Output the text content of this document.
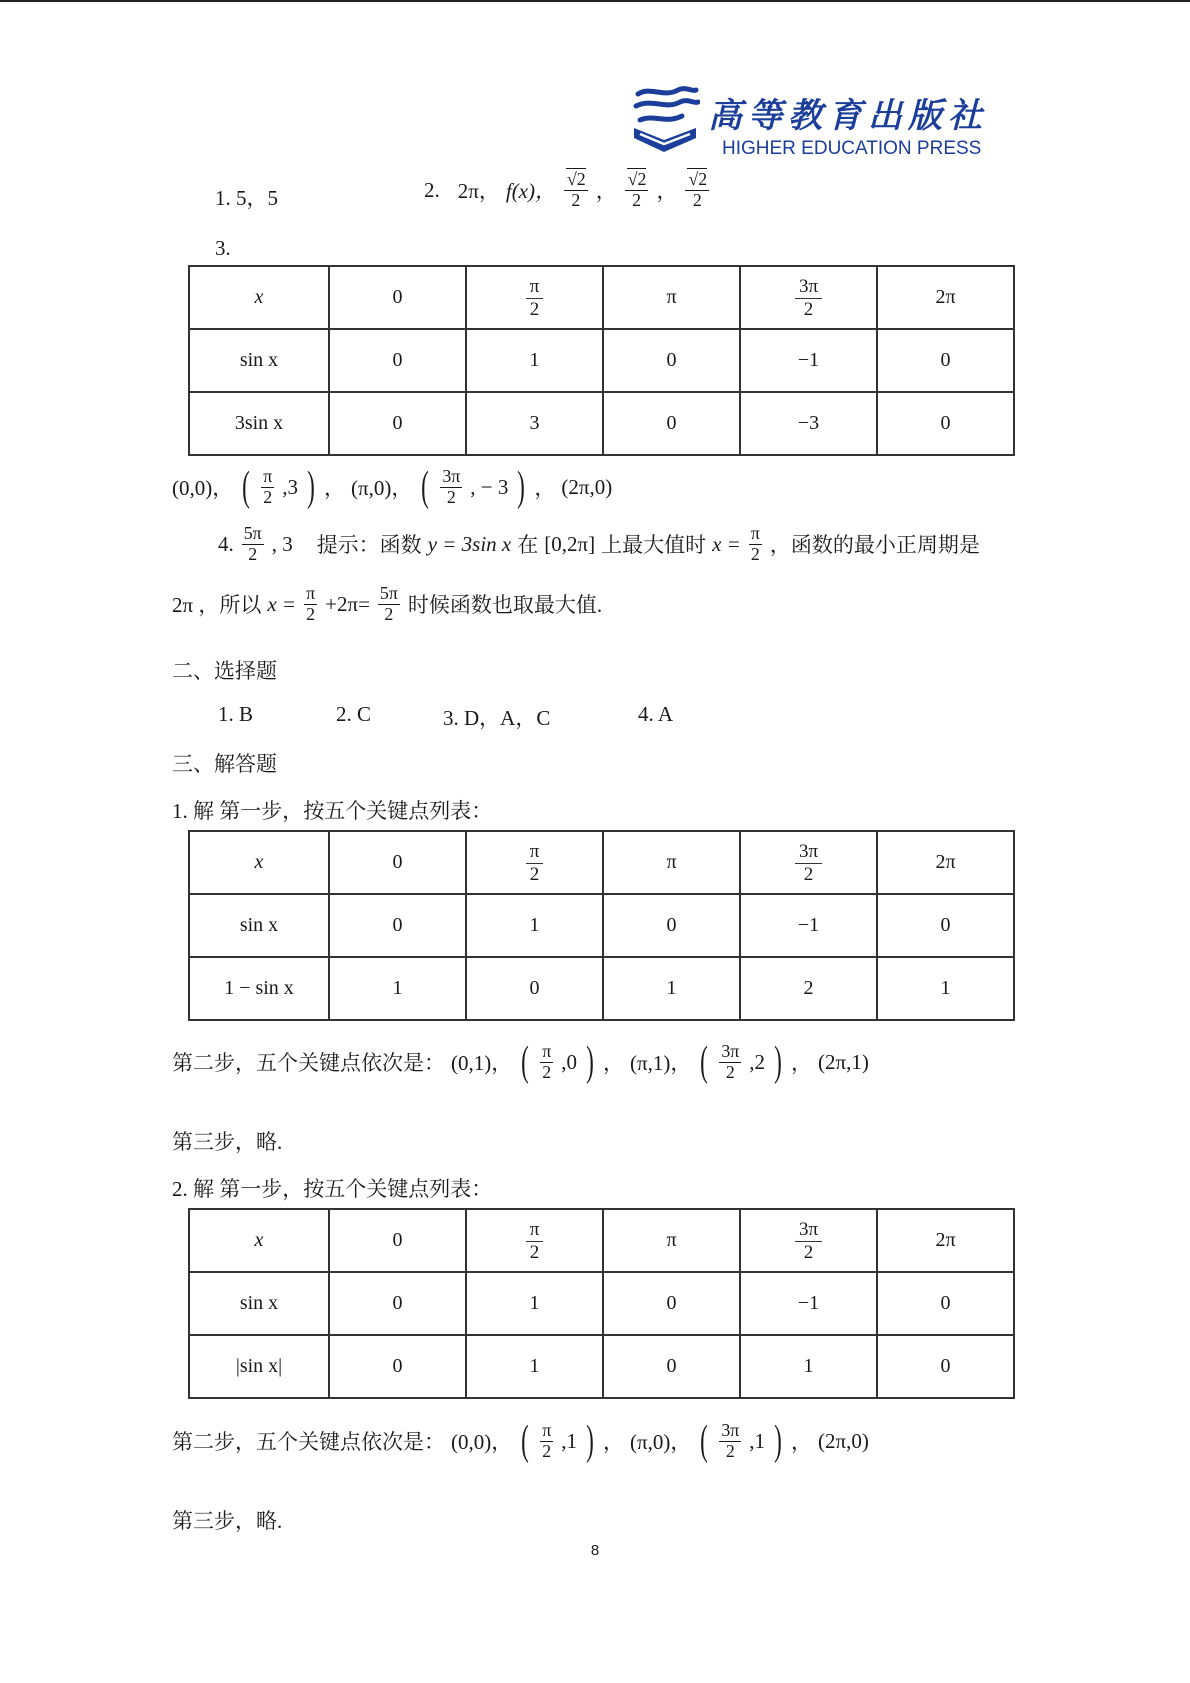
高等教育出版社
HIGHER EDUCATION PRESS
1. 5，5	2. 2π， f(x)， $\frac{√2}{2}$ ， $\frac{√2}{2}$ ， $\frac{√2}{2}$
3.
x	0	$\frac{\pi}{2}$	π	$\frac{3\pi}{2}$	2π
sin x	0	1	0	−1	0
3sin x	0	3	0	−3	0
(0,0)， ( $\frac{\pi}{2} ,3$ ) ， (π,0)， ( $\frac{3\pi}{2}$ , − 3 ) ， (2π,0)
4. $\frac{5\pi}{2}$ , 3 提示：函数 y = 3sin x 在 [0,2π] 上最大值时 $x = \frac{\pi}{2}$ ，函数的最小正周期是
2π ，所以 $x = \frac{\pi}{2} +2\pi= \frac{5\pi}{2}$ 时候函数也取最大值.
二、选择题
1. B	2. C	3. D，A，C	4. A
三、解答题
1. 解 第一步，按五个关键点列表：
x	0	$\frac{\pi}{2}$	π	$\frac{3\pi}{2}$	2π
sin x	0	1	0	−1	0
1 − sin x	1	0	1	2	1
第二步，五个关键点依次是： (0,1)， ( $\frac{\pi}{2} ,0$ ) ， (π,1)， ( $\frac{3\pi}{2} ,2$ ) ， (2π,1)
第三步，略.
2. 解 第一步，按五个关键点列表：
x	0	$\frac{\pi}{2}$	π	$\frac{3\pi}{2}$	2π
sin x	0	1	0	−1	0
|sin x|	0	1	0	1	0
第二步，五个关键点依次是： (0,0)， ( $\frac{\pi}{2} ,1$ ) ， (π,0)， ( $\frac{3\pi}{2} ,1$ ) ， (2π,0)
第三步，略.
8
